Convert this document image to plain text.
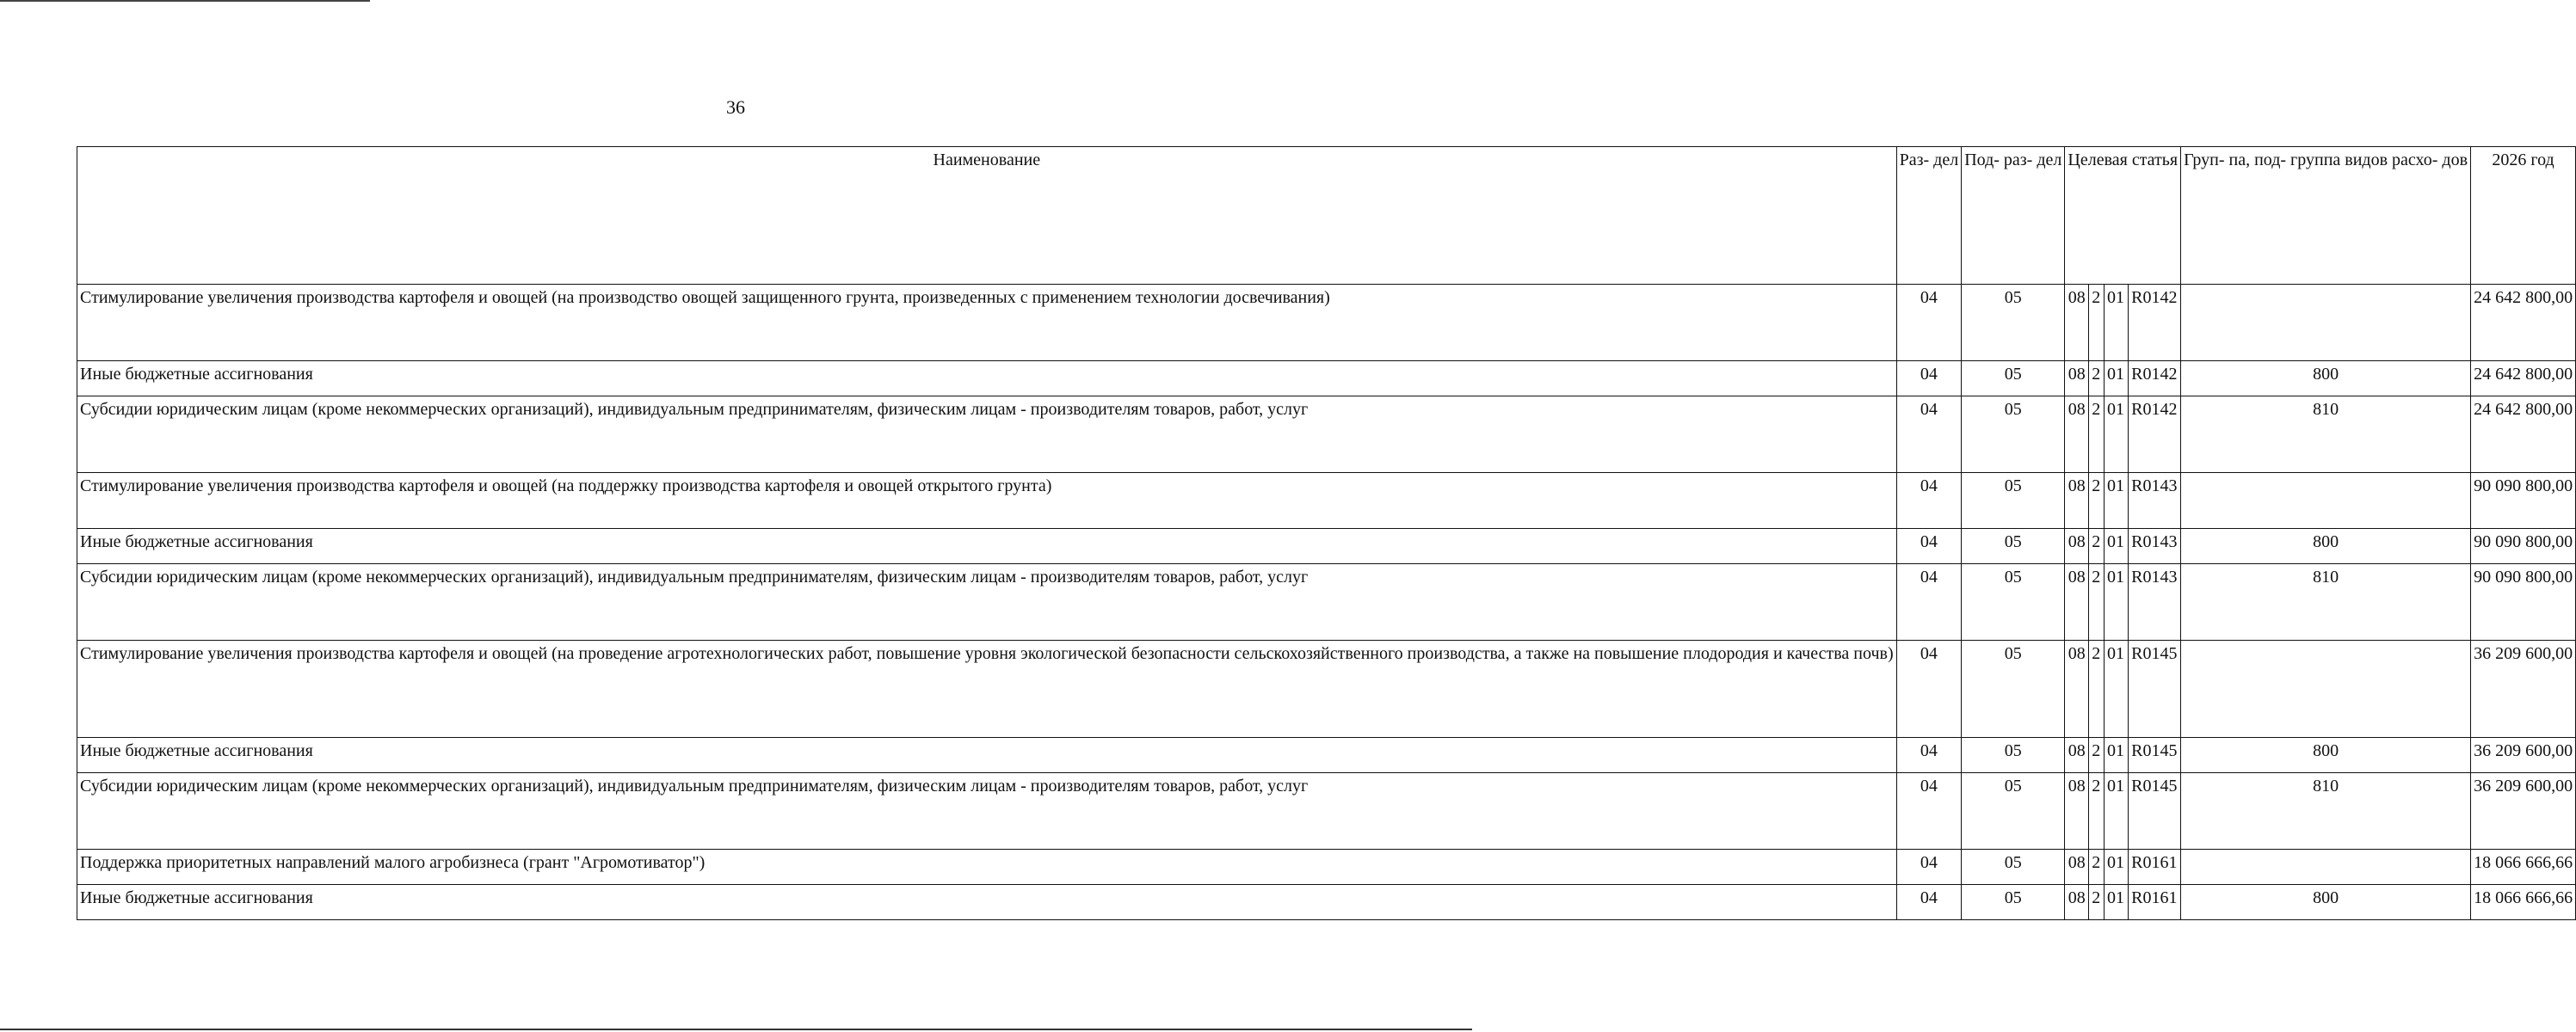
36
Наименование	Раз- дел	Под- раз- дел	Целевая статья				Груп- па, под- группа видов расхо- дов	2026 год
Стимулирование увеличения производства картофеля и овощей (на производство овощей защищенного грунта, произведенных с применением технологии досвечивания)	04	05	08	2	01	R0142		24 642 800,00
Иные бюджетные ассигнования	04	05	08	2	01	R0142	800	24 642 800,00
Субсидии юридическим лицам (кроме некоммерческих организаций), индивидуальным предпринимателям, физическим лицам - производителям товаров, работ, услуг	04	05	08	2	01	R0142	810	24 642 800,00
Стимулирование увеличения производства картофеля и овощей (на поддержку производства картофеля и овощей открытого грунта)	04	05	08	2	01	R0143		90 090 800,00
Иные бюджетные ассигнования	04	05	08	2	01	R0143	800	90 090 800,00
Субсидии юридическим лицам (кроме некоммерческих организаций), индивидуальным предпринимателям, физическим лицам - производителям товаров, работ, услуг	04	05	08	2	01	R0143	810	90 090 800,00
Стимулирование увеличения производства картофеля и овощей (на проведение агротехнологических работ, повышение уровня экологической безопасности сельскохозяйственного производства, а также на повышение плодородия и качества почв)	04	05	08	2	01	R0145		36 209 600,00
Иные бюджетные ассигнования	04	05	08	2	01	R0145	800	36 209 600,00
Субсидии юридическим лицам (кроме некоммерческих организаций), индивидуальным предпринимателям, физическим лицам - производителям товаров, работ, услуг	04	05	08	2	01	R0145	810	36 209 600,00
Поддержка приоритетных направлений малого агробизнеса (грант "Агромотиватор")	04	05	08	2	01	R0161		18 066 666,66
Иные бюджетные ассигнования	04	05	08	2	01	R0161	800	18 066 666,66
